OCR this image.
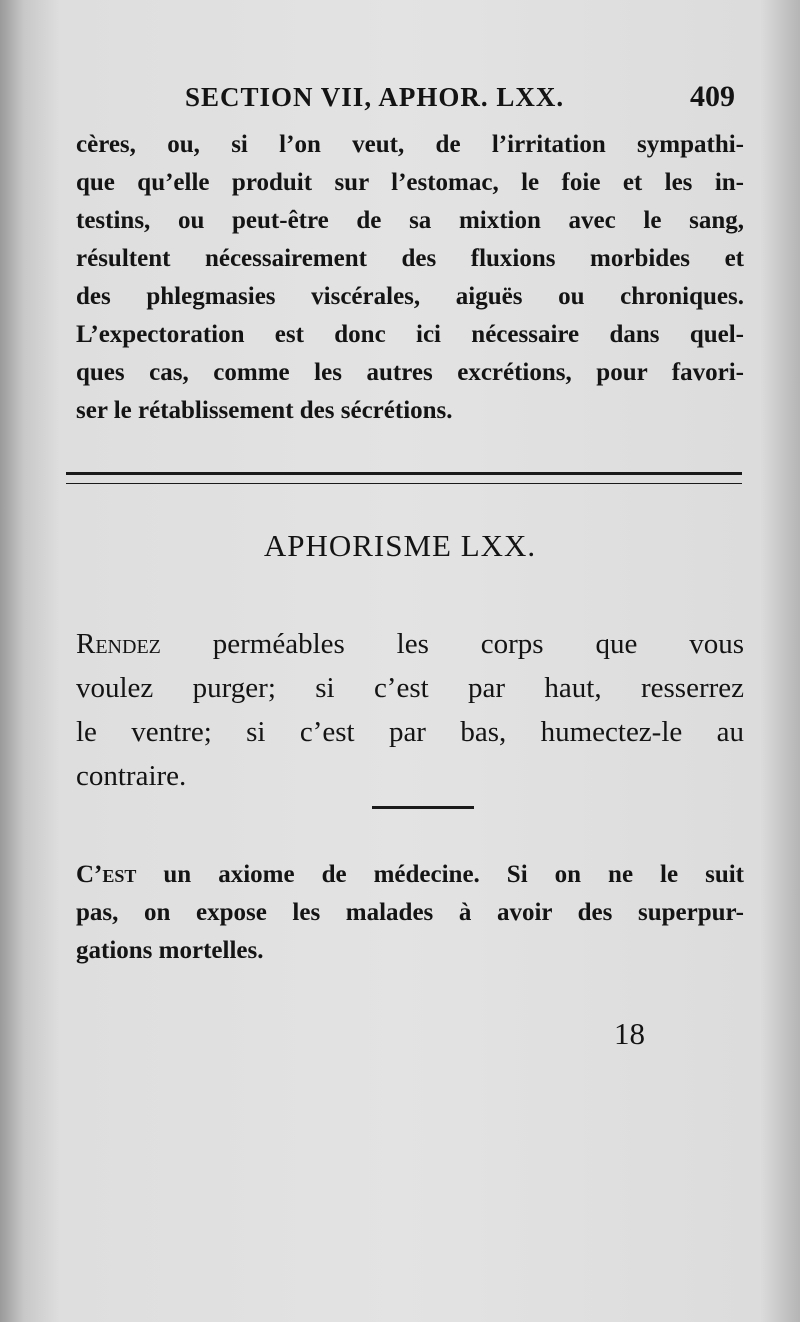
SECTION VII, APHOR. LXX.	409
cères, ou, si l’on veut, de l’irritation sympathi-
que qu’elle produit sur l’estomac, le foie et les in-
testins, ou peut-être de sa mixtion avec le sang,
résultent nécessairement des fluxions morbides et
des phlegmasies viscérales, aiguës ou chroniques.
L’expectoration est donc ici nécessaire dans quel-
ques cas, comme les autres excrétions, pour favori-
ser le rétablissement des sécrétions.
APHORISME LXX.
Rendez perméables les corps que vous
voulez purger; si c’est par haut, resserrez
le ventre; si c’est par bas, humectez-le au
contraire.
C’est un axiome de médecine. Si on ne le suit
pas, on expose les malades à avoir des superpur-
gations mortelles.
18
